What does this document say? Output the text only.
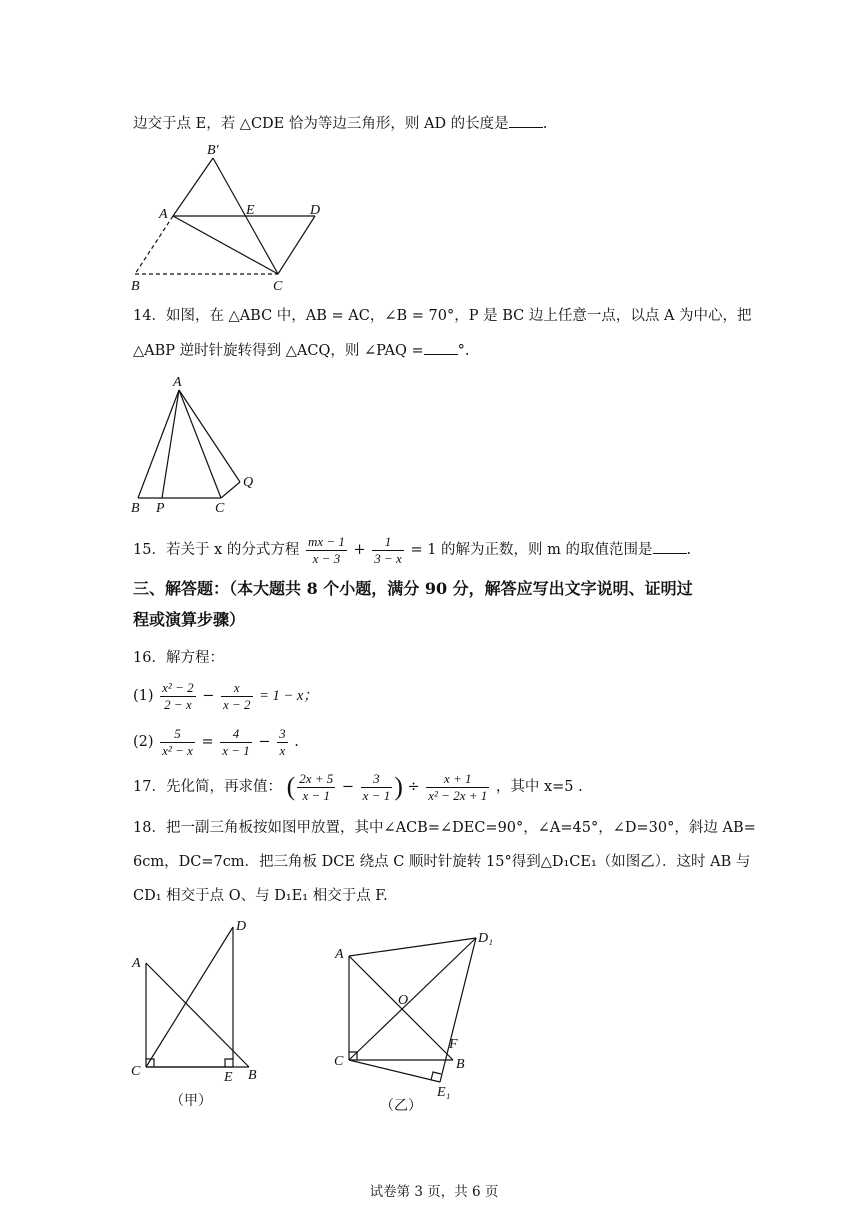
边交于点 E，若 △CDE 恰为等边三角形，则 AD 的长度是 .
B′
A	E	D
B	C
14．如图，在 △ABC 中，AB = AC，∠B = 70°，P 是 BC 边上任意一点，以点 A 为中心，把
△ABP 逆时针旋转得到 △ACQ，则 ∠PAQ = °.
A
Q
B P	C
15．若关于 x 的分式方程 $\frac{mx - 1}{x - 3} + \frac{1}{3 - x} = 1$ 的解为正数，则 m 的取值范围是 .
三、解答题：（本大题共 8 个小题，满分 90 分，解答应写出文字说明、证明过
程或演算步骤）
16．解方程：
$(1) \frac{\text{x² − 2}}{2 - x} - \frac{x}{x - 2} = 1 - x$；
$(2) \frac{5}{\text{x² − x}} = \frac{4}{x - 1} - \frac{3}{x}$ .
17．先化简，再求值： ( $\frac{2x + 5}{x - 1} - \frac{3}{x - 1}$ ) ÷ $\frac{x + 1}{\text{x² − 2x + 1}}$ ，其中 x=5 .
18．把一副三角板按如图甲放置，其中∠ACB=∠DEC=90°，∠A=45°，∠D=30°，斜边 AB=
6cm，DC=7cm．把三角板 DCE 绕点 C 顺时针旋转 15°得到△D₁CE₁（如图乙）．这时 AB 与
CD₁ 相交于点 O、与 D₁E₁ 相交于点 F.
D
A
C	E B
（甲）
D₁
A
O
F
C	B
E₁
（乙）
试卷第 3 页，共 6 页
